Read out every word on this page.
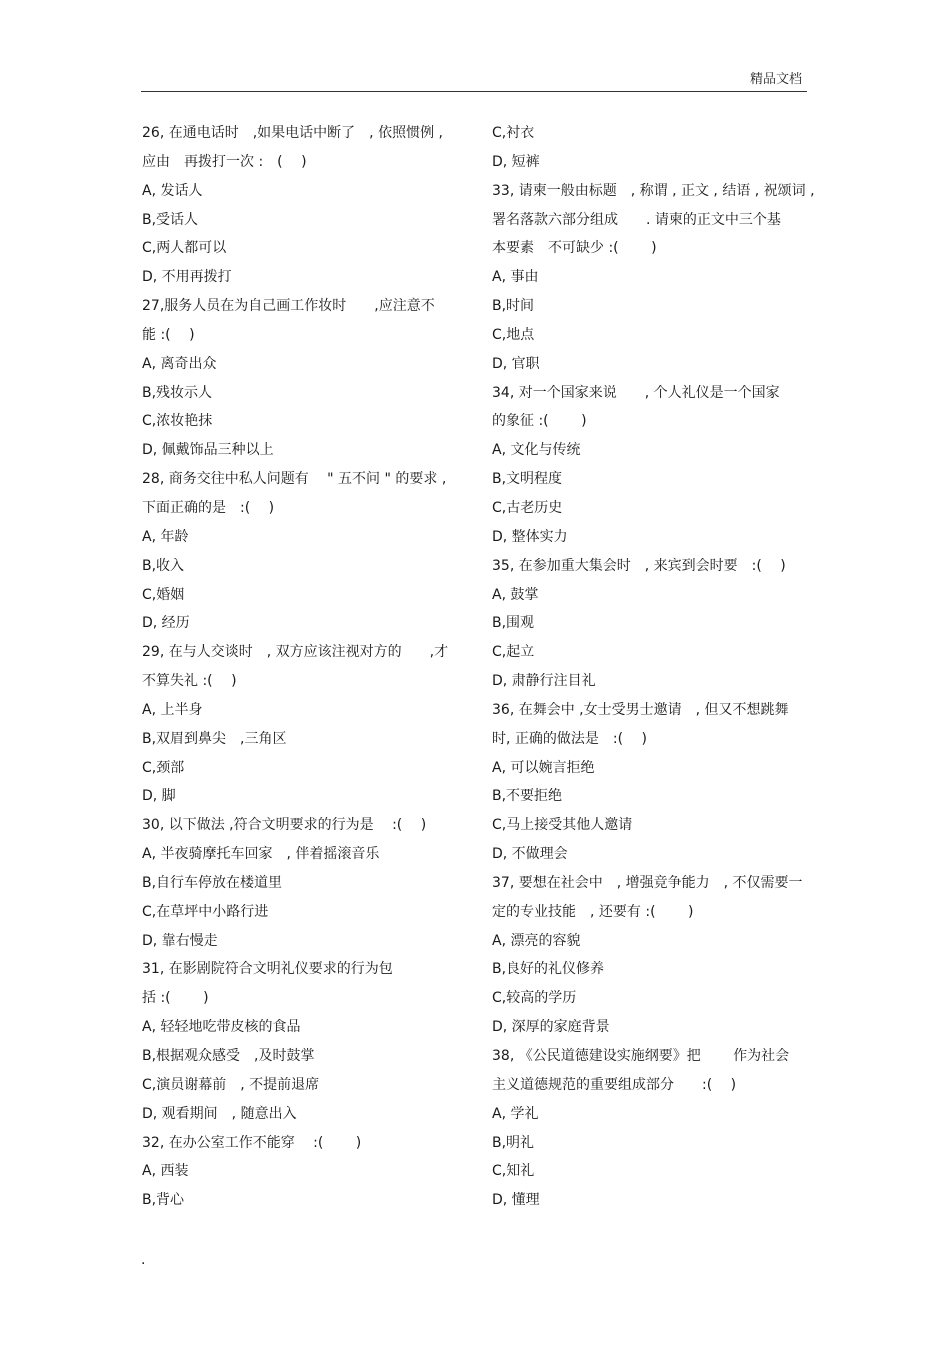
精品文档
26, 在通电话时　,如果电话中断了　, 依照惯例 ,
应由　再拨打一次 :　(　 )
A, 发话人
B,受话人
C,两人都可以
D, 不用再拨打
27,服务人员在为自己画工作妆时　　,应注意不
能 :(　 )
A, 离奇出众
B,残妆示人
C,浓妆艳抹
D, 佩戴饰品三种以上
28, 商务交往中私人问题有　 " 五不问 " 的要求 ,
下面正确的是　:(　 )
A, 年龄
B,收入
C,婚姻
D, 经历
29, 在与人交谈时　, 双方应该注视对方的　　,才
不算失礼 :(　 )
A, 上半身
B,双眉到鼻尖　,三角区
C,颈部
D, 脚
30, 以下做法 ,符合文明要求的行为是　 :(　 )
A, 半夜骑摩托车回家　, 伴着摇滚音乐
B,自行车停放在楼道里
C,在草坪中小路行进
D, 靠右慢走
31, 在影剧院符合文明礼仪要求的行为包
括 :(　　 )
A, 轻轻地吃带皮核的食品
B,根据观众感受　,及时鼓掌
C,演员谢幕前　, 不提前退席
D, 观看期间　, 随意出入
32, 在办公室工作不能穿　 :(　　 )
A, 西装
B,背心
C,衬衣
D, 短裤
33, 请柬一般由标题　, 称谓 , 正文 , 结语 , 祝颂词 ,
署名落款六部分组成　　. 请柬的正文中三个基
本要素　不可缺少 :(　　 )
A, 事由
B,时间
C,地点
D, 官职
34, 对一个国家来说　　, 个人礼仪是一个国家
的象征 :(　　 )
A, 文化与传统
B,文明程度
C,古老历史
D, 整体实力
35, 在参加重大集会时　, 来宾到会时要　:(　 )
A, 鼓掌
B,围观
C,起立
D, 肃静行注目礼
36, 在舞会中 ,女士受男士邀请　, 但又不想跳舞
时, 正确的做法是　:(　 )
A, 可以婉言拒绝
B,不要拒绝
C,马上接受其他人邀请
D, 不做理会
37, 要想在社会中　, 增强竞争能力　, 不仅需要一
定的专业技能　, 还要有 :(　　 )
A, 漂亮的容貌
B,良好的礼仪修养
C,较高的学历
D, 深厚的家庭背景
38, 《公民道德建设实施纲要》把　　 作为社会
主义道德规范的重要组成部分　　:(　 )
A, 学礼
B,明礼
C,知礼
D, 懂理
.
